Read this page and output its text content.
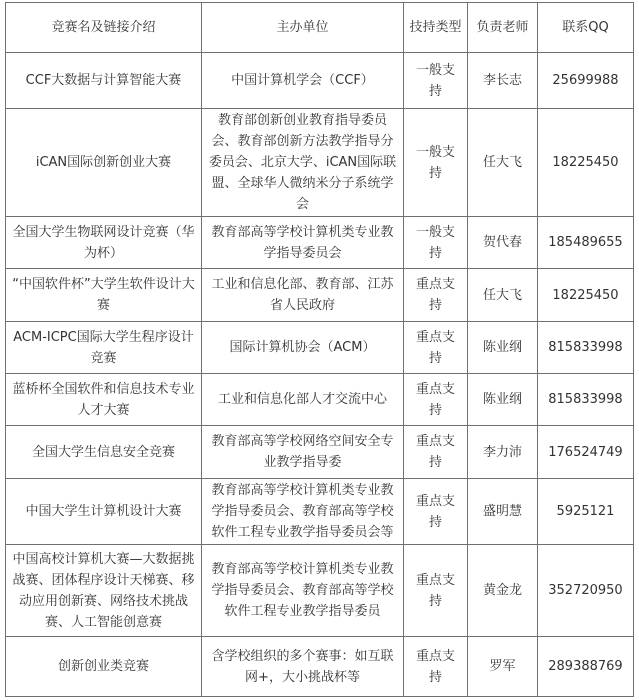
竞赛名及链接介绍	主办单位	技持类型	负责老师	联系QQ

CCF大数据与计算智能大赛	中国计算机学会（CCF）	一般支持	李长志	25699988

iCAN国际创新创业大赛	教育部创新创业教育指导委员会、教育部创新方法教学指导分委员会、北京大学、iCAN国际联盟、全球华人微纳米分子系统学会	一般支持	任大飞	18225450

全国大学生物联网设计竞赛（华为杯）	教育部高等学校计算机类专业教学指导委员会	一般支持	贺代春	185489655

“中国软件杯”大学生软件设计大赛	工业和信息化部、教育部、江苏省人民政府	重点支持	任大飞	18225450

ACM-ICPC国际大学生程序设计竞赛	国际计算机协会（ACM）	重点支持	陈业纲	815833998

蓝桥杯全国软件和信息技术专业人才大赛	工业和信息化部人才交流中心	重点支持	陈业纲	815833998

全国大学生信息安全竞赛	教育部高等学校网络空间安全专业教学指导委	重点支持	李力沛	176524749

中国大学生计算机设计大赛	教育部高等学校计算机类专业教学指导委员会、教育部高等学校软件工程专业教学指导委员会等	重点支持	盛明慧	5925121

中国高校计算机大赛—大数据挑战赛、团体程序设计天梯赛、移动应用创新赛、网络技术挑战赛、人工智能创意赛	教育部高等学校计算机类专业教学指导委员会、教育部高等学校软件工程专业教学指导委员	重点支持	黄金龙	352720950

创新创业类竞赛	含学校组织的多个赛事：如互联网+，大小挑战杯等	重点支持	罗军	289388769
